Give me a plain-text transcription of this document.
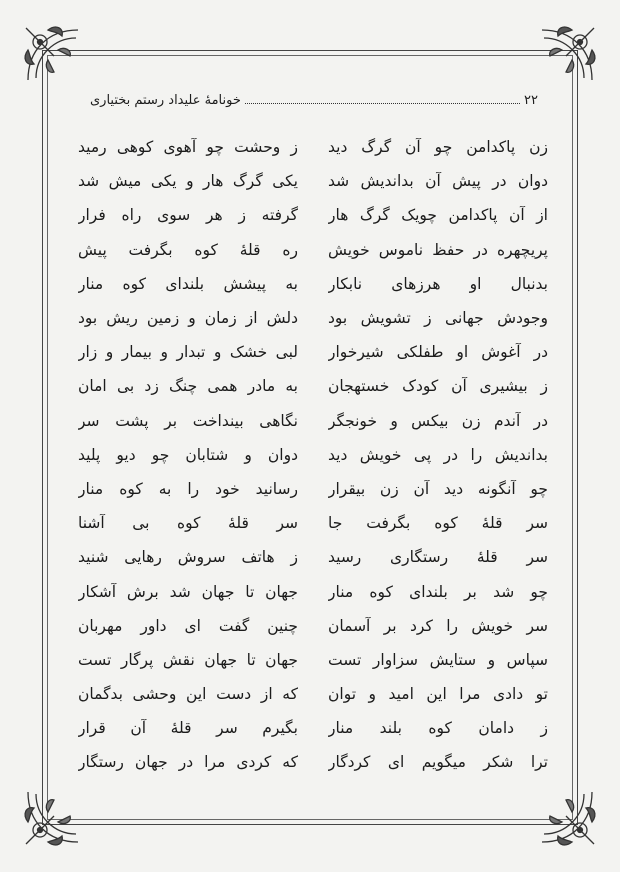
۲۲
خونامۀ علیداد رستم بختیاری
زن پاکدامن چو آن گرگ دید
ز وحشت چو آهوی کوهی رمید
دوان در پیش آن بداندیش شد
یکی گرگ هار و یکی میش شد
از آن پاکدامن چویک گرگ هار
گرفته ز هر سوی راه فرار
پریچهره در حفظ ناموس خویش
ره قلۀ کوه بگرفت پیش
بدنبال او هرزهای نابکار
به پیشش بلندای کوه منار
وجودش جهانی ز تشویش بود
دلش از زمان و زمین ریش بود
در آغوش او طفلکی شیرخوار
لبی خشک و تبدار و بیمار و زار
ز بیشیری آن کودک خستهجان
به مادر همی چنگ زد بی امان
در آندم زن بیکس و خونجگر
نگاهی بینداخت بر پشت سر
بداندیش را در پی خویش دید
دوان و شتابان چو دیو پلید
چو آنگونه دید آن زن بیقرار
رسانید خود را به کوه منار
سر قلۀ کوه بگرفت جا
سر قلۀ کوه بی آشنا
سر قلۀ رستگاری رسید
ز هاتف سروش رهایی شنید
چو شد بر بلندای کوه منار
جهان تا جهان شد برش آشکار
سر خویش را کرد بر آسمان
چنین گفت ای داور مهربان
سپاس و ستایش سزاوار تست
جهان تا جهان نقش پرگار تست
تو دادی مرا این امید و توان
که از دست این وحشی بدگمان
ز دامان کوه بلند منار
بگیرم سر قلۀ آن قرار
ترا شکر میگویم ای کردگار
که کردی مرا در جهان رستگار
